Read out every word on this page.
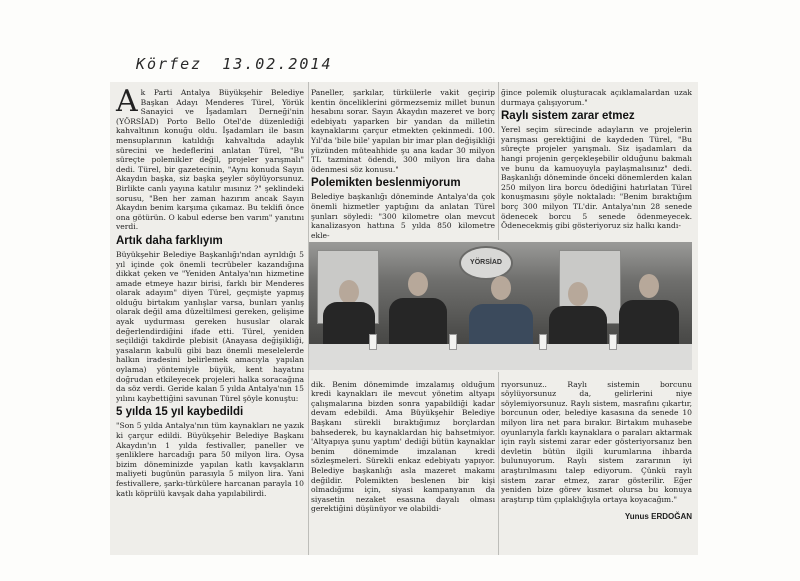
Körfez 13.02.2014

Ak Parti Antalya Büyükşehir Belediye Başkan Adayı Menderes Türel, Yörük Sanayici ve İşadamları Derneği'nin (YÖRSİAD) Porto Bello Otel'de düzenlediği kahvaltının konuğu oldu. İşadamları ile basın mensuplarının katıldığı kahvaltıda adaylık sürecini ve hedeflerini anlatan Türel, "Bu süreçte polemikler değil, projeler yarışmalı" dedi. Türel, bir gazetecinin, "Aynı konuda Sayın Akaydın başka, siz başka şeyler söylüyorsunuz. Birlikte canlı yayına katılır mısınız ?" şeklindeki sorusu, "Ben her zaman hazırım ancak Sayın Akaydın benim karşıma çıkamaz. Bu teklifi önce ona götürün. O kabul ederse ben varım" yanıtını verdi.

Artık daha farklıyım

Büyükşehir Belediye Başkanlığı'ndan ayrıldığı 5 yıl içinde çok önemli tecrübeler kazandığına dikkat çeken ve "Yeniden Antalya'nın hizmetine amade etmeye hazır birisi, farklı bir Menderes olarak adayım" diyen Türel, geçmişte yapmış olduğu birtakım yanlışlar varsa, bunları yanlış olarak değil ama düzeltilmesi gereken, gelişime ayak uydurması gereken hususlar olarak değerlendirdiğini ifade etti. Türel, yeniden seçildiği takdirde plebisit (Anayasa değişikliği, yasaların kabulü gibi bazı önemli meselelerde halkın iradesini belirlemek amacıyla yapılan oylama) yöntemiyle büyük, kent hayatını doğrudan etkileyecek projeleri halka soracağına da söz verdi. Geride kalan 5 yılda Antalya'nın 15 yılını kaybettiğini savunan Türel şöyle konuştu:

5 yılda 15 yıl kaybedildi

"Son 5 yılda Antalya'nın tüm kaynakları ne yazık ki çarçur edildi. Büyükşehir Belediye Başkanı Akaydın'ın 1 yılda festivaller, paneller ve şenliklere harcadığı para 50 milyon lira. Oysa bizim döneminizde yapılan katlı kavşakların maliyeti bugünün parasıyla 5 milyon lira. Yani festivallere, şarkı-türkülere harcanan parayla 10 katlı köprülü kavşak daha yapılabilirdi.

Paneller, şarkılar, türkülerle vakit geçirip kentin önceliklerini görmezsemiz millet bunun hesabını sorar. Sayın Akaydın mazeret ve borç edebiyatı yaparken bir yandan da milletin kaynaklarını çarçur etmekten çekinmedi. 100. Yıl'da 'bile bile' yapılan bir imar plan değişikliği yüzünden müteahhide şu ana kadar 30 milyon TL tazminat ödendi, 300 milyon lira daha ödenmesi söz konusu."

Polemikten beslenmiyorum

Belediye başkanlığı döneminde Antalya'da çok önemli hizmetler yaptığını da anlatan Türel şunları söyledi: "300 kilometre olan mevcut kanalizasyon hattına 5 yılda 850 kilometre ekle-

ğince polemik oluşturacak açıklamalardan uzak durmaya çalışıyorum."

Raylı sistem zarar etmez

Yerel seçim sürecinde adayların ve projelerin yarışması gerektiğini de kaydeden Türel, "Bu süreçte projeler yarışmalı. Siz işadamları da hangi projenin gerçekleşebilir olduğunu bakmalı ve bunu da kamuoyuyla paylaşmalısınız" dedi. Başkanlığı döneminde önceki dönemlerden kalan 250 milyon lira borcu ödediğini hatırlatan Türel konuşmasını şöyle noktaladı: "Benim bıraktığım borç 300 milyon TL'dir. Antalya'nın 28 senede ödenecek borcu 5 senede ödenmeyecek. Ödenecekmiş gibi gösteriyoruz siz halkı kandı-

YÖRSİAD

dik. Benim dönemimde imzalamış olduğum kredi kaynakları ile mevcut yönetim altyapı çalışmalarına bizden sonra yapabildiği kadar devam edebildi. Ama Büyükşehir Belediye Başkanı sürekli bıraktığımız borçlardan bahsederek, bu kaynaklardan hiç bahsetmiyor. 'Altyapıya şunu yaptım' dediği bütün kaynaklar benim dönemimde imzalanan kredi sözleşmeleri. Sürekli enkaz edebiyatı yapıyor. Belediye başkanlığı asla mazeret makamı değildir. Polemikten beslenen bir kişi olmadığımı için, siyasi kampanyanın da siyasetin nezaket esasına dayalı olması gerektiğini düşünüyor ve olabildi-

rıyorsunuz.. Raylı sistemin borcunu söylüyorsunuz da, gelirlerini niye söylemiyorsunuz. Raylı sistem, masrafını çıkartır, borcunun oder, belediye kasasına da senede 10 milyon lira net para bırakır. Birtakım muhasebe oyunlarıyla farklı kaynaklara o paraları aktarmak için raylı sistemi zarar eder gösteriyorsanız ben devletin bütün ilgili kurumlarına ihbarda bulunuyorum. Raylı sistem zararının iyi araştırılmasını talep ediyorum. Çünkü raylı sistem zarar etmez, zarar gösterilir. Eğer yeniden bize görev kısmet olursa bu konuya araştırıp tüm çıplaklığıyla ortaya koyacağım."

Yunus ERDOĞAN
